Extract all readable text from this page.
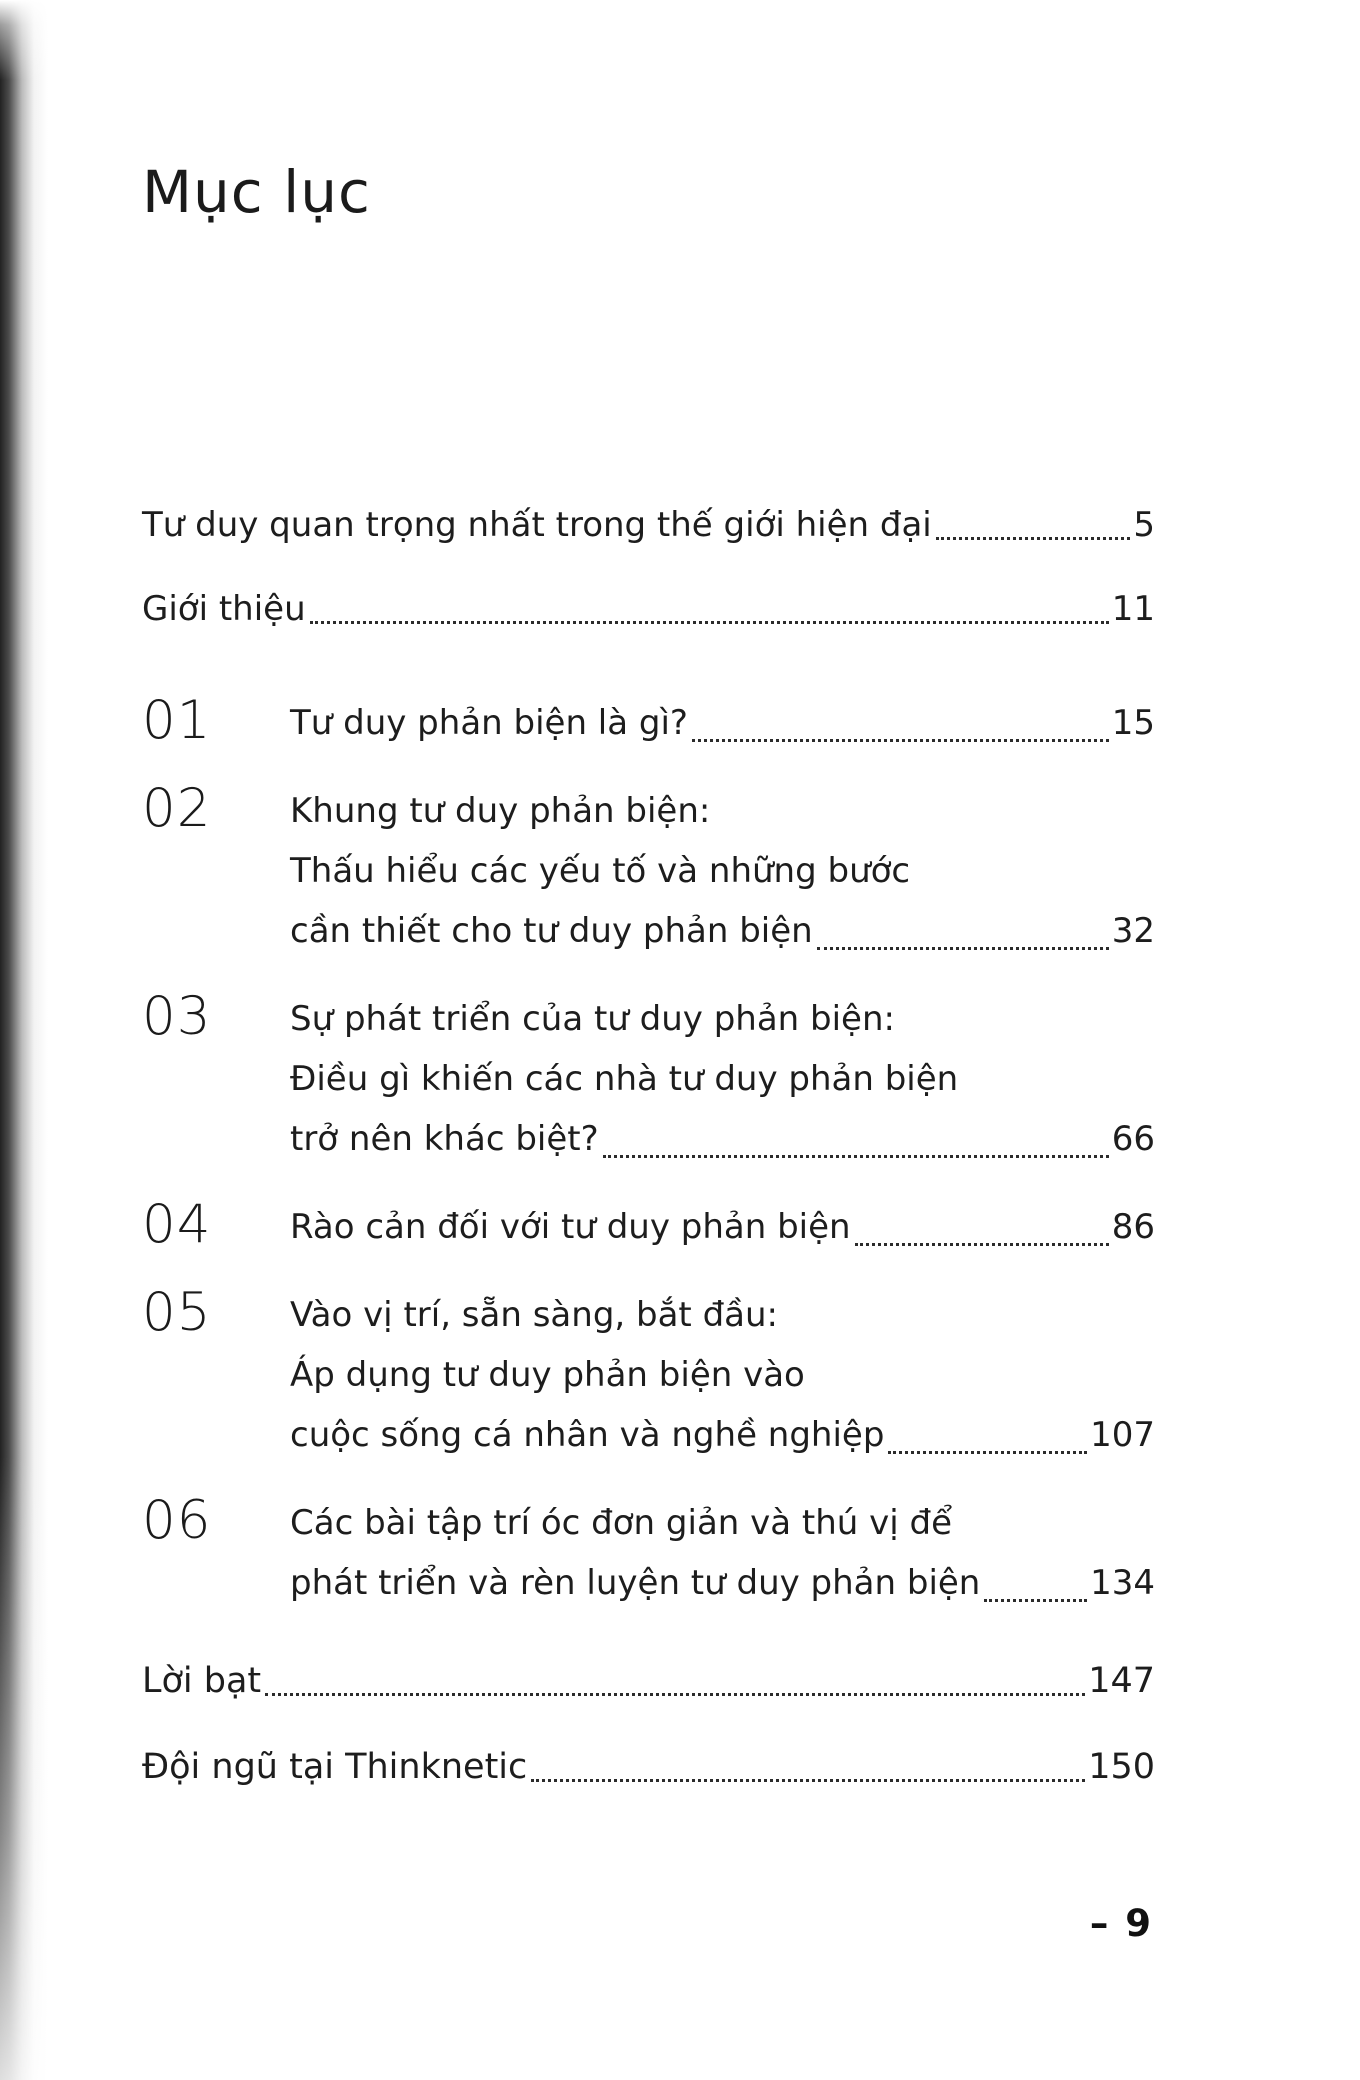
Mục lục
Tư duy quan trọng nhất trong thế giới hiện đại	5
Giới thiệu	11
01	Tư duy phản biện là gì?	15
02	Khung tư duy phản biện:
Thấu hiểu các yếu tố và những bước
cần thiết cho tư duy phản biện	32
03	Sự phát triển của tư duy phản biện:
Điều gì khiến các nhà tư duy phản biện
trở nên khác biệt?	66
04	Rào cản đối với tư duy phản biện	86
05	Vào vị trí, sẵn sàng, bắt đầu:
Áp dụng tư duy phản biện vào
cuộc sống cá nhân và nghề nghiệp	107
06	Các bài tập trí óc đơn giản và thú vị để
phát triển và rèn luyện tư duy phản biện	134
Lời bạt	147
Đội ngũ tại Thinknetic	150
– 9
